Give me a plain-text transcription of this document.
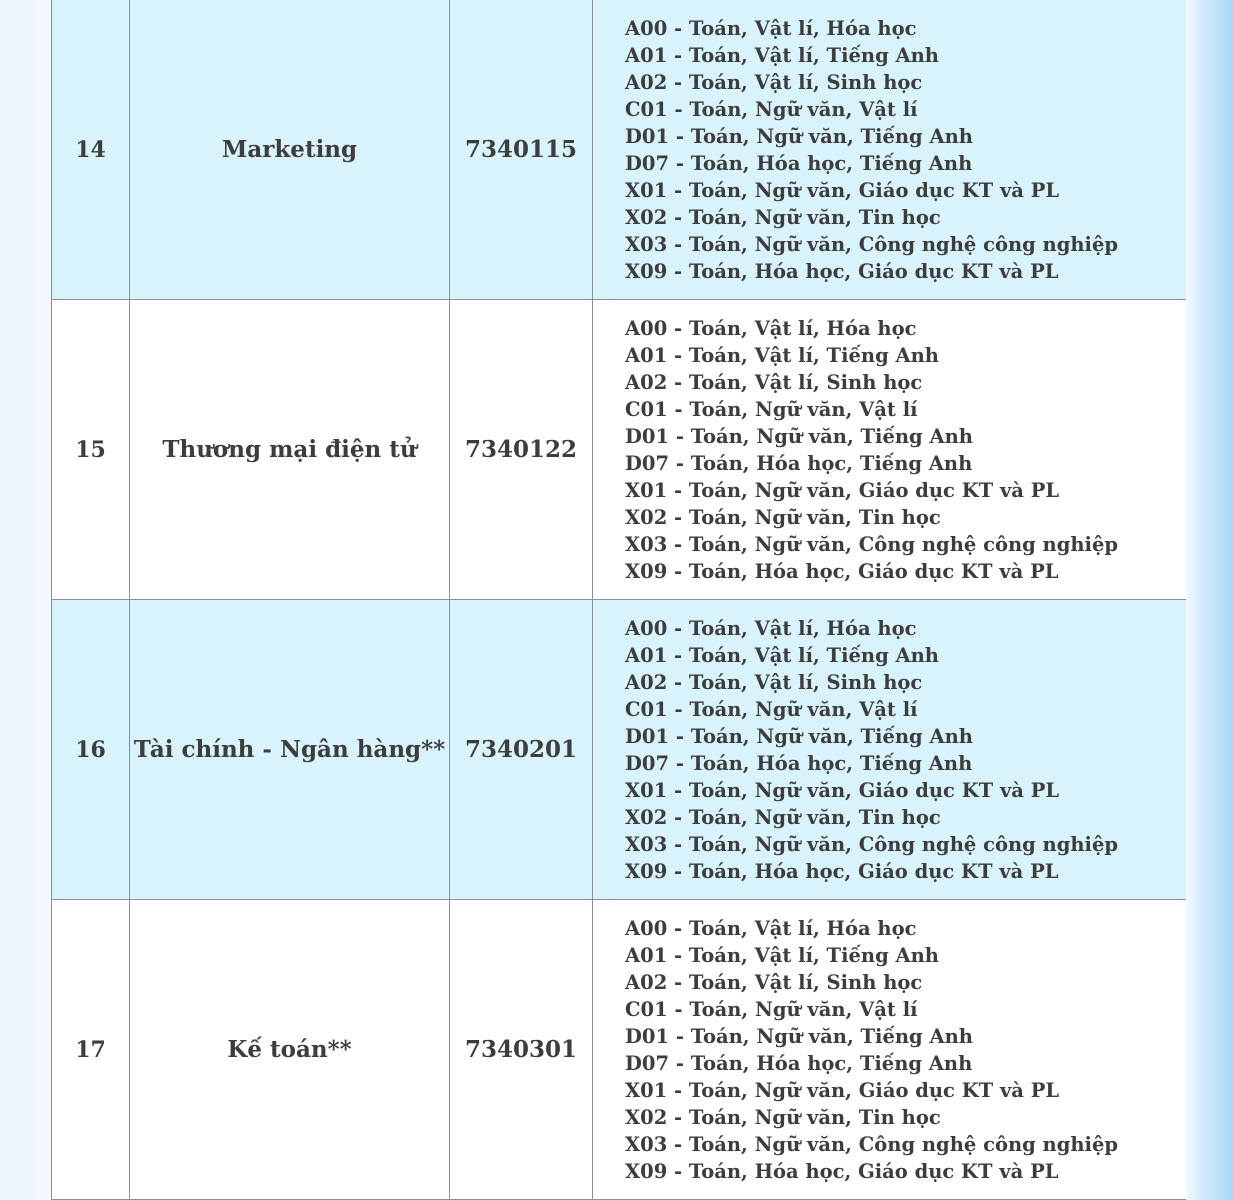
14	Marketing	7340115
A00 - Toán, Vật lí, Hóa học
A01 - Toán, Vật lí, Tiếng Anh
A02 - Toán, Vật lí, Sinh học
C01 - Toán, Ngữ văn, Vật lí
D01 - Toán, Ngữ văn, Tiếng Anh
D07 - Toán, Hóa học, Tiếng Anh
X01 - Toán, Ngữ văn, Giáo dục KT và PL
X02 - Toán, Ngữ văn, Tin học
X03 - Toán, Ngữ văn, Công nghệ công nghiệp
X09 - Toán, Hóa học, Giáo dục KT và PL
15	Thương mại điện tử	7340122
A00 - Toán, Vật lí, Hóa học
A01 - Toán, Vật lí, Tiếng Anh
A02 - Toán, Vật lí, Sinh học
C01 - Toán, Ngữ văn, Vật lí
D01 - Toán, Ngữ văn, Tiếng Anh
D07 - Toán, Hóa học, Tiếng Anh
X01 - Toán, Ngữ văn, Giáo dục KT và PL
X02 - Toán, Ngữ văn, Tin học
X03 - Toán, Ngữ văn, Công nghệ công nghiệp
X09 - Toán, Hóa học, Giáo dục KT và PL
16	Tài chính - Ngân hàng** 7340201
A00 - Toán, Vật lí, Hóa học
A01 - Toán, Vật lí, Tiếng Anh
A02 - Toán, Vật lí, Sinh học
C01 - Toán, Ngữ văn, Vật lí
D01 - Toán, Ngữ văn, Tiếng Anh
D07 - Toán, Hóa học, Tiếng Anh
X01 - Toán, Ngữ văn, Giáo dục KT và PL
X02 - Toán, Ngữ văn, Tin học
X03 - Toán, Ngữ văn, Công nghệ công nghiệp
X09 - Toán, Hóa học, Giáo dục KT và PL
17	Kế toán**	7340301
A00 - Toán, Vật lí, Hóa học
A01 - Toán, Vật lí, Tiếng Anh
A02 - Toán, Vật lí, Sinh học
C01 - Toán, Ngữ văn, Vật lí
D01 - Toán, Ngữ văn, Tiếng Anh
D07 - Toán, Hóa học, Tiếng Anh
X01 - Toán, Ngữ văn, Giáo dục KT và PL
X02 - Toán, Ngữ văn, Tin học
X03 - Toán, Ngữ văn, Công nghệ công nghiệp
X09 - Toán, Hóa học, Giáo dục KT và PL
